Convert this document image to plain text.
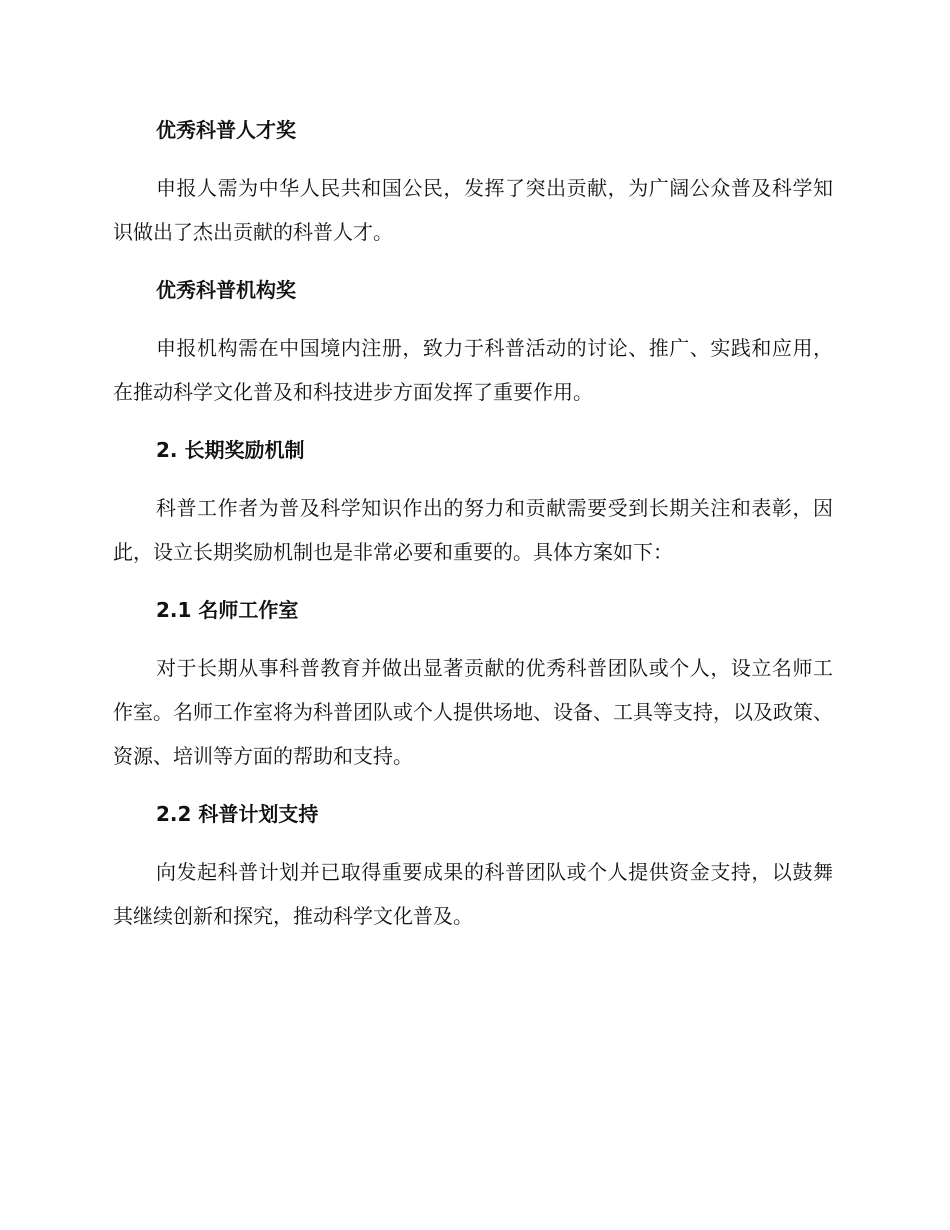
优秀科普人才奖

申报人需为中华人民共和国公民，发挥了突出贡献，为广阔公众普及科学知识做出了杰出贡献的科普人才。

优秀科普机构奖

申报机构需在中国境内注册，致力于科普活动的讨论、推广、实践和应用，在推动科学文化普及和科技进步方面发挥了重要作用。

2. 长期奖励机制

科普工作者为普及科学知识作出的努力和贡献需要受到长期关注和表彰，因此，设立长期奖励机制也是非常必要和重要的。具体方案如下：

2.1 名师工作室

对于长期从事科普教育并做出显著贡献的优秀科普团队或个人，设立名师工作室。名师工作室将为科普团队或个人提供场地、设备、工具等支持，以及政策、资源、培训等方面的帮助和支持。

2.2 科普计划支持

向发起科普计划并已取得重要成果的科普团队或个人提供资金支持，以鼓舞其继续创新和探究，推动科学文化普及。
